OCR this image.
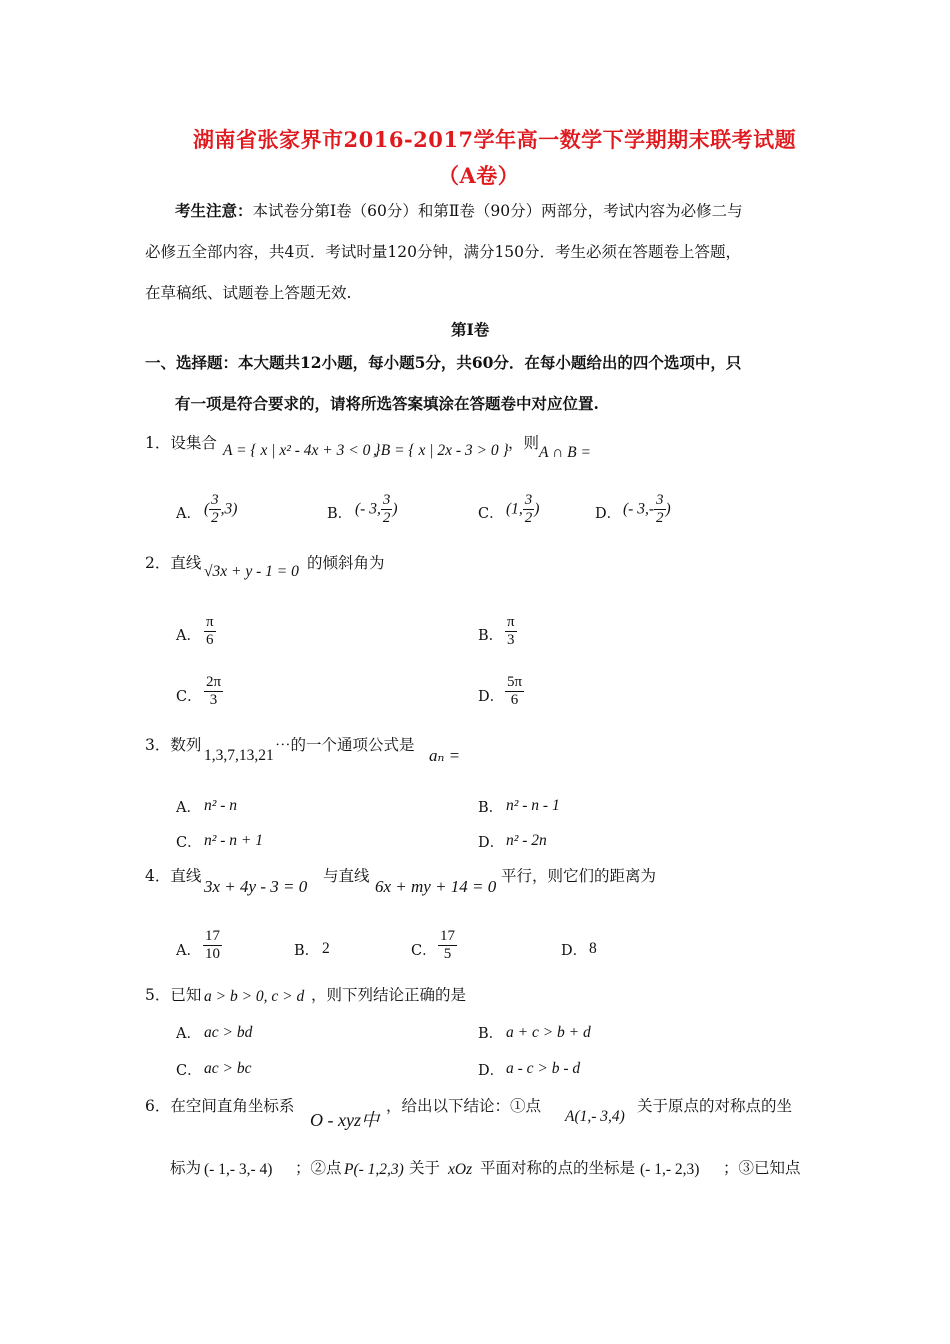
湖南省张家界市2016-2017学年高一数学下学期期末联考试题
（A卷）
考生注意：本试卷分第Ⅰ卷（60分）和第Ⅱ卷（90分）两部分，考试内容为必修二与
必修五全部内容，共4页．考试时量120分钟，满分150分．考生必须在答题卷上答题，
在草稿纸、试题卷上答题无效.
第Ⅰ卷
一、选择题：本大题共12小题，每小题5分，共60分．在每小题给出的四个选项中，只
有一项是符合要求的，请将所选答案填涂在答题卷中对应位置.
1．设集合 A = { x | x² - 4x + 3 < 0 }
, B = { x | 2x - 3 > 0 } ，则
A ∩ B =
A． ( $\frac{3}{2} ,3$)	B． (- 3, $\frac{3}{2}$ )	C． (1, $\frac{3}{2}$ )	D． (- $3,- \frac{3}{2}$ )
2．直线 √3x + y - 1 = 0 的倾斜角为
A． $\frac{\pi}{6}$	B． $\frac{\pi}{3}$
C． $\frac{2\pi}{3}$	D． $\frac{5\pi}{6}$
3．数列
1,3,7,13,21
⋯的一个通项公式是
aₙ =
A． n² - n	B． n² - n - 1
C． n² - n + 1	D． n² - 2n
4．直线
3x + 4y - 3 = 0
与直线
6x + my + 14 = 0
平行，则它们的距离为
A． $\frac{17}{10}$	B． 2	C． $\frac{17}{5}$	D． 8
5．已知 a > b > 0, c > d ，则下列结论正确的是
A． ac > bd	B． a + c > b + d
C． ac > bc	D． a - c > b - d
6．在空间直角坐标系
O - xyz中
，给出以下结论：①点
A(1,- 3,4)
关于原点的对称点的坐
标为 (- 1,- 3,- 4) ；②点 P(- 1,2,3) 关于 xOz 平面对称的点的坐标是 (- 1,- 2,3) ；③已知点
